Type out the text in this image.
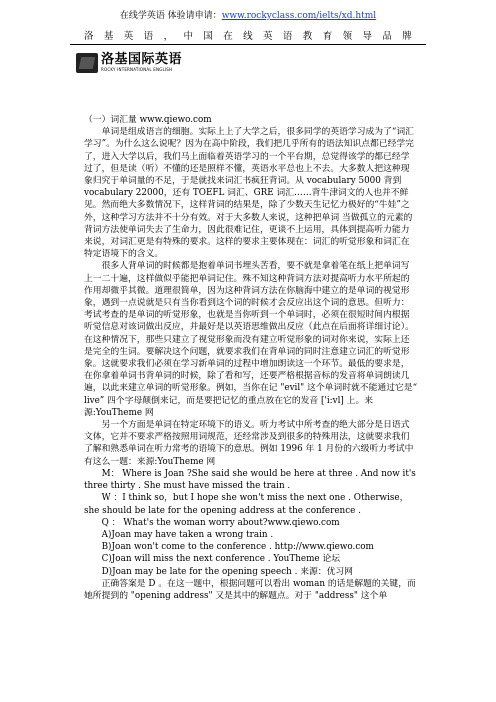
在线学英语 体验请申请：www.rockyclass.com/ielts/xd.html
洛 基 英 语 ， 中 国 在 线 英 语 教 育 领 导 品 牌
洛基国际英语
ROCKY INTERNATIONAL ENGLISH

（一）词汇量 www.qiewo.com

单词是组成语言的细胞。实际上上了大学之后，很多同学的英语学习成为了“词汇学习”。为什么这么说呢？因为在高中阶段，我们把几乎所有的语法知识点都已经学完了，进入大学以后，我们马上面临着英语学习的一个平台期，总觉得该学的都已经学过了，但是读（听）不懂的还是照样不懂，英语水平总也上不去。大多数人把这种现象归究于单词量的不足，于是就找来词汇书疯狂背词。从 vocabulary 5000 背到 vocabulary 22000，还有 TOEFL 词汇、GRE 词汇……背牛津词文的人也并不鲜见。然而绝大多数情况下，这样背词的结果是，除了少数天生记忆力极好的“牛娃”之外，这种学习方法并不十分有效。对于大多数人来说，这种把单词 当做孤立的元素的背词方法使单词失去了生命力，因此很难记住，更谈不上运用，具体到提高听力能力来说，对词汇更是有特殊的要求。这样的要求主要体现在：词汇的听觉形象和词汇在特定语境下的含义。

很多人背单词的时候都是抱着单词书埋头苦看，要不就是拿着笔在纸上把单词写上一二十遍，这样做似乎能把单词记住。殊不知这种背词方法对提高听力水平所起的作用却微乎其微。道理很简单，因为这种背词方法在你脑海中建立的是单词的视觉形象，遇到一点说就是只有当你看到这个词的时候才会反应出这个词的意思。但听力：考试考查的是单词的听觉形象，也就是当你听到一个单词时，必须在很短时间内根据听觉信息对该词做出反应，并最好是以英语思维做出反应（此点在后面将详细讨论）。在这种情况下，那些只建立了视觉形象而没有建立听觉形象的词对你来说，实际上还是完全的生词。要解决这个问题，就要求我们在背单词的同时注意建立词汇的听觉形象。这就要求我们必须在学习新单词的过程中增加朗读这一个环节。最低的要求是，在你拿着单词书背单词的时候，除了看和写，还要严格根据音标的发音将单词朗读几遍，以此来建立单词的听觉形象。例如，当你在记 "evil" 这个单词时就不能通过它是“ live” 四个字母颠倒来记，而是要把记忆的重点放在它的发音 ['i:vl] 上。来源:YouTheme 网

另一个方面是单词在特定环境下的语义。听力考试中所考查的绝大部分是日语式文体，它并不要求严格按照用词规范，还经常涉及到很多的特殊用法，这就要求我们了解和熟悉单词在听力常考的语境下的意思。例如 1996 年 1 月份的六级听力考试中有这么一题：来源:YouTheme 网

M： Where is Joan ?She said she would be here at three . And now it's three thirty . She must have missed the train .

W ：I think so，but I hope she won't miss the next one . Otherwise，she should be late for the opening address at the conference .

Q ： What's the woman worry about?www.qiewo.com

A)Joan may have taken a wrong train .

B)Joan won't come to the conference . http://www.qiewo.com

C)Joan will miss the next conference . YouTheme 论坛

D)Joan may be late for the opening speech . 来源：优习网

正确答案是 D 。在这一题中，根据问题可以看出 woman 的话是解题的关键，而她所提到的 "opening address" 又是其中的解题点。对于 "address" 这个单
